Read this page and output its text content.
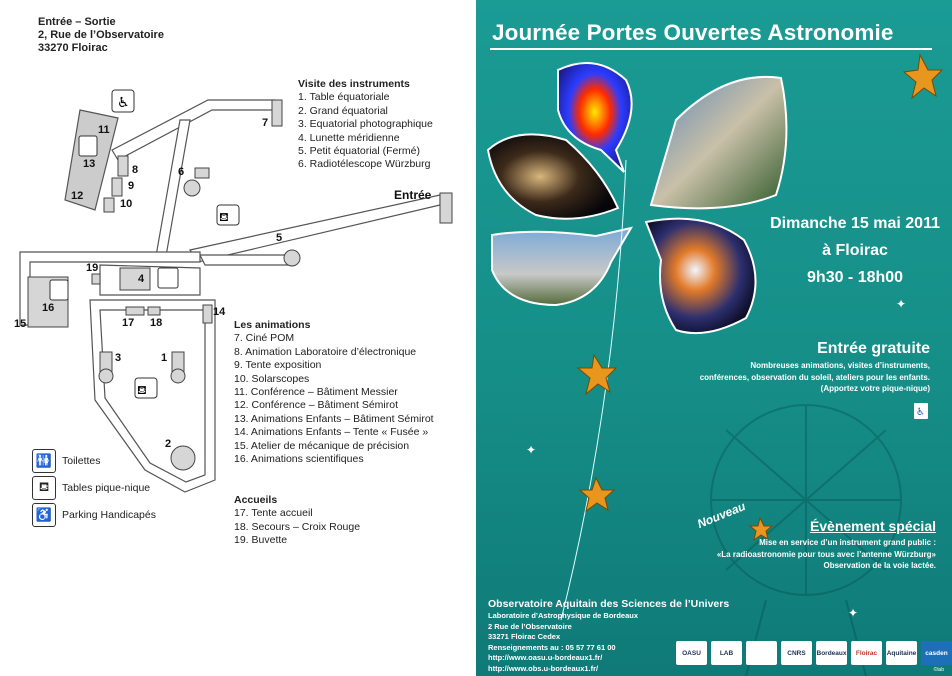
Entrée – Sortie
2, Rue de l’Observatoire
33270 Floirac
♿
⛾
⛾
11
13
12
8
9
10
6
7
5
4
19
16
15	17 18
14
3	1
2
Entrée
Visite des instruments
1. Table équatoriale
2. Grand équatorial
3. Equatorial photographique
4. Lunette méridienne
5. Petit équatorial (Fermé)
6. Radiotélescope Würzburg
Les animations
7. Ciné POM
8. Animation Laboratoire d’électronique
9. Tente exposition
10. Solarscopes
11. Conférence – Bâtiment Messier
12. Conférence – Bâtiment Sémirot
13. Animations Enfants – Bâtiment Sémirot
14. Animations Enfants – Tente « Fusée »
15. Atelier de mécanique de précision
16. Animations scientifiques
Accueils
17. Tente accueil
18. Secours – Croix Rouge
19. Buvette
🚻 Toilettes
⛾	Tables pique-nique
♿ Parking Handicapés
Journée Portes Ouvertes Astronomie
✦
✦
✦
♿
Dimanche 15 mai 2011
à Floirac
9h30 - 18h00
Entrée gratuite
Nombreuses animations, visites d’instruments,
conférences, observation du soleil, ateliers pour les enfants.
(Apportez votre pique-nique)
Nouveau	Évènement spécial
Mise en service d’un instrument grand public :
«La radioastronomie pour tous avec l’antenne Würzburg»
Observation de la voie lactée.
Observatoire Aquitain des Sciences de l’Univers
Laboratoire d’Astrophysique de Bordeaux
2 Rue de l’Observatoire
33271 Floirac Cedex
Renseignements au : 05 57 77 61 00
http://www.oasu.u-bordeaux1.fr/
http://www.obs.u-bordeaux1.fr/
OASU	LAB	CNRS	Bordeaux	Floirac	Aquitaine	casden
©lab
